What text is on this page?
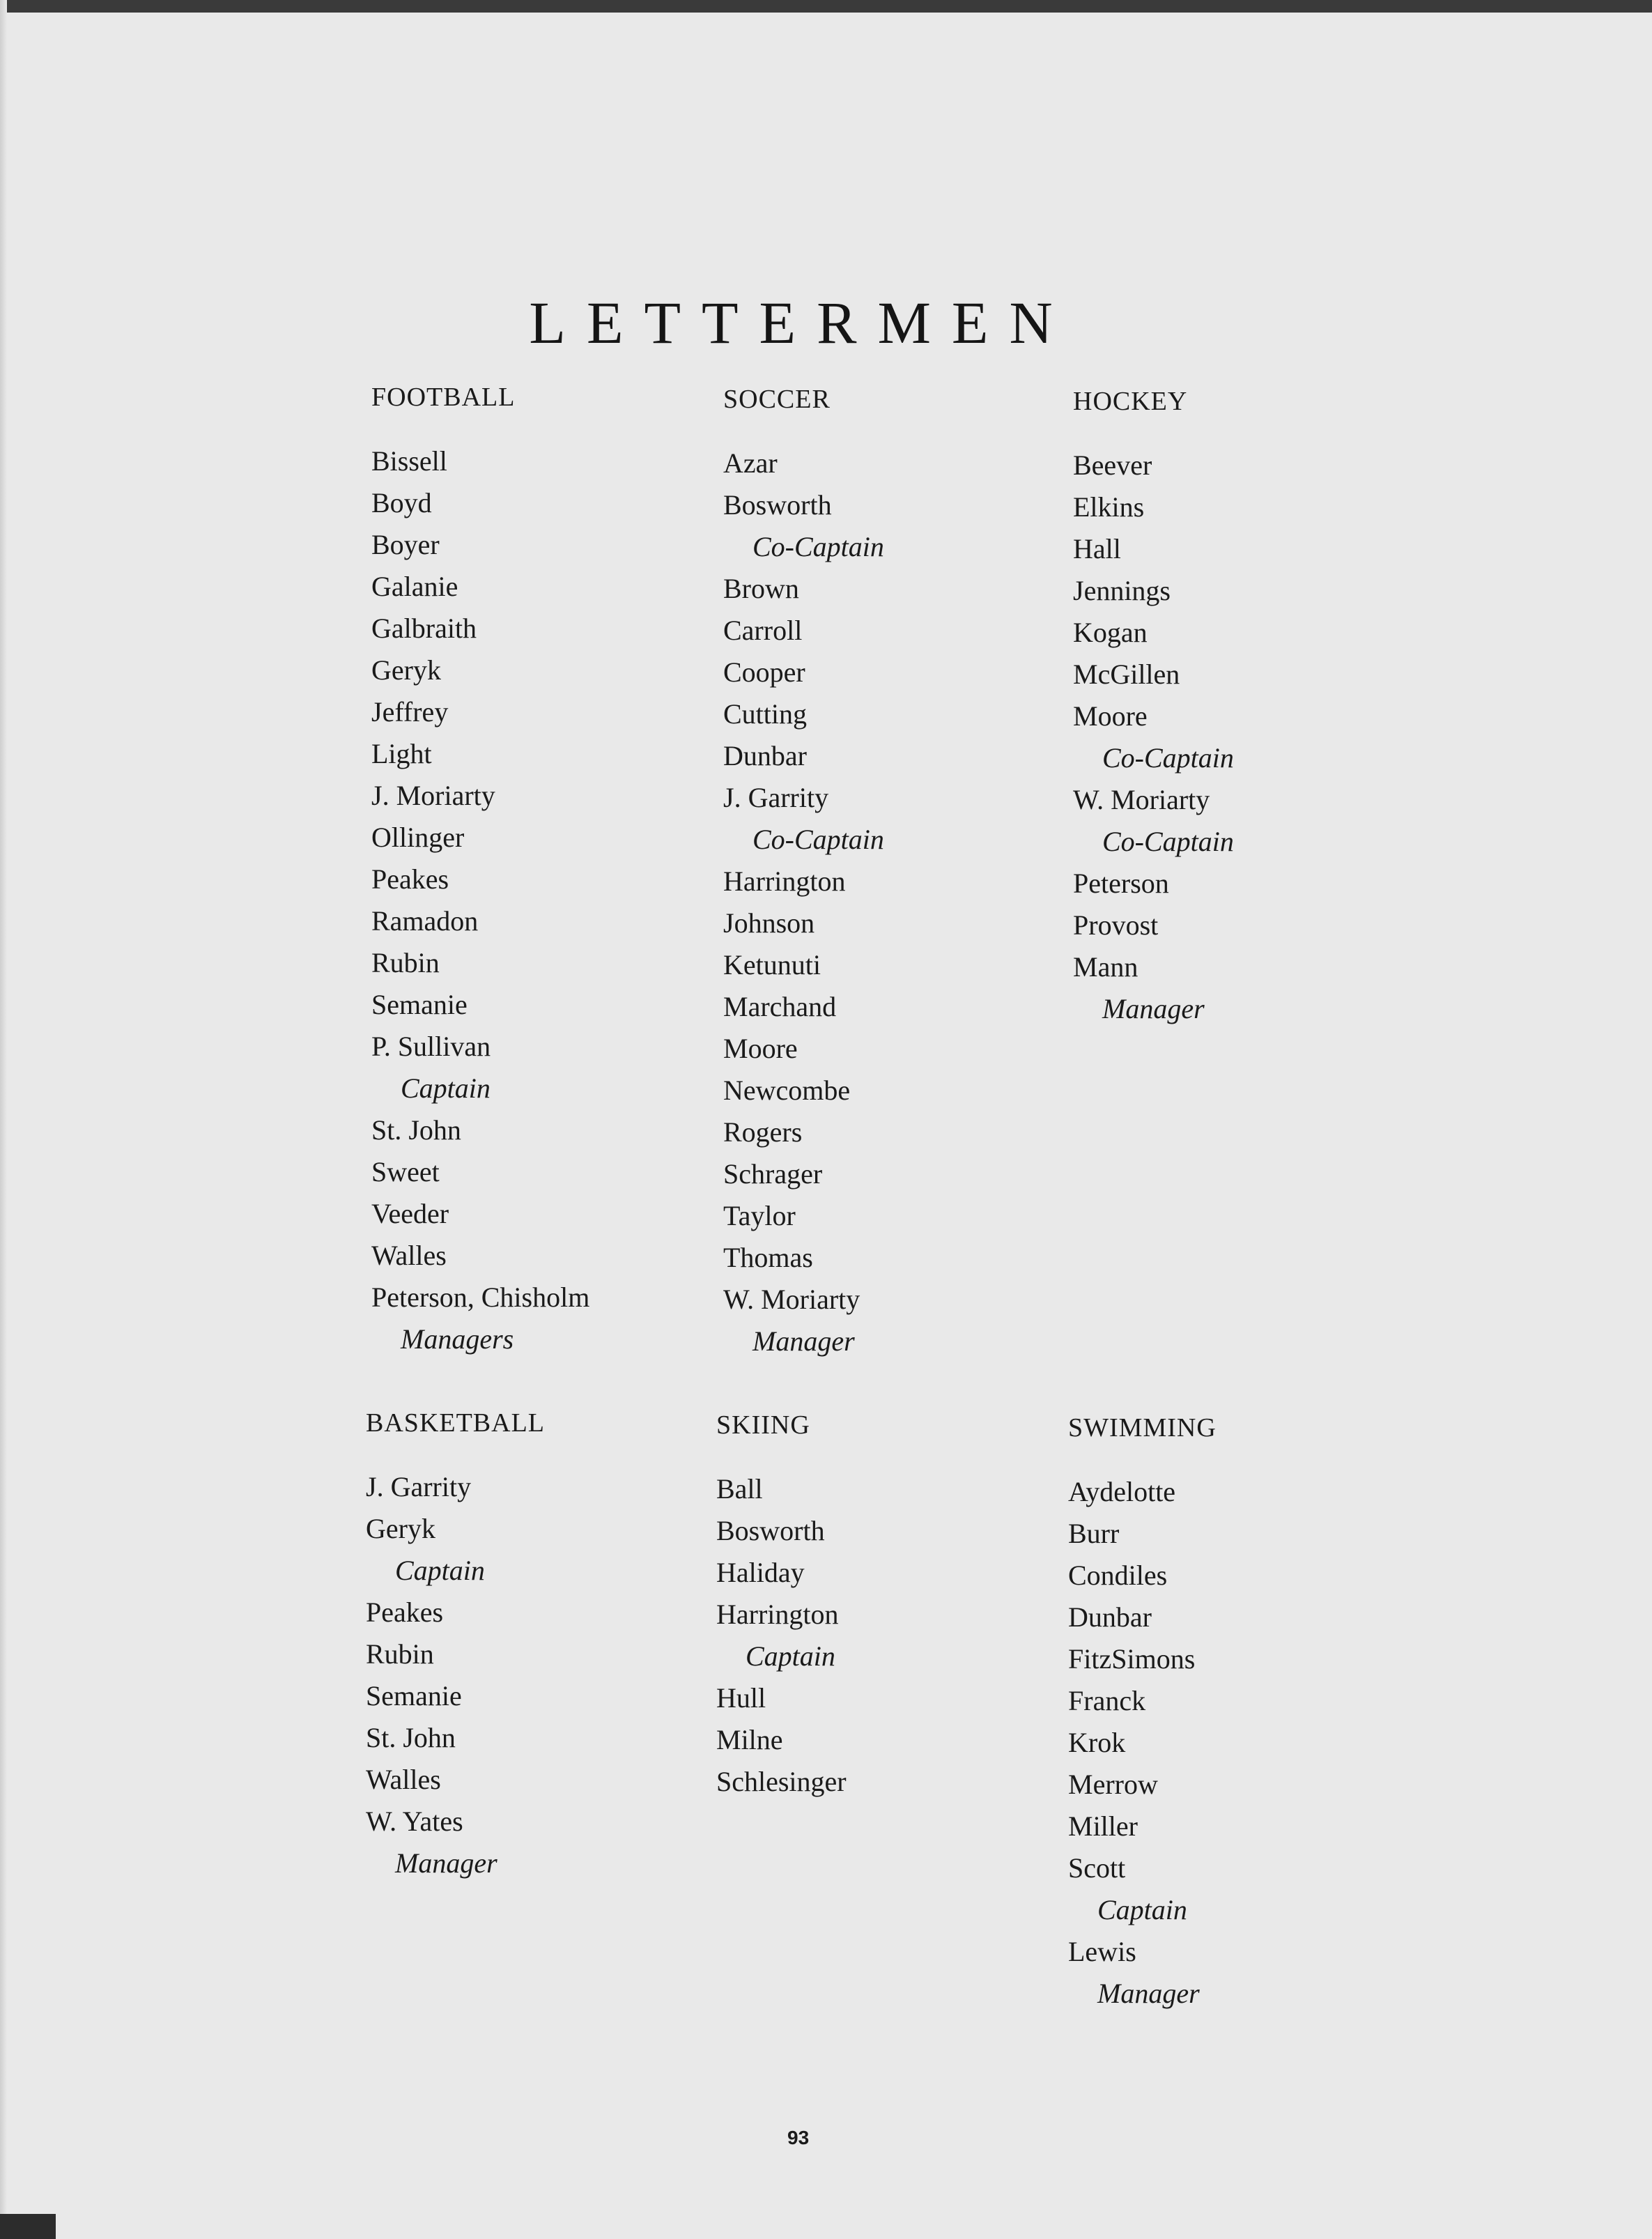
LETTERMEN
FOOTBALL
Bissell
Boyd
Boyer
Galanie
Galbraith
Geryk
Jeffrey
Light
J. Moriarty
Ollinger
Peakes
Ramadon
Rubin
Semanie
P. Sullivan
Captain
St. John
Sweet
Veeder
Walles
Peterson, Chisholm
Managers
SOCCER
Azar
Bosworth
Co-Captain
Brown
Carroll
Cooper
Cutting
Dunbar
J. Garrity
Co-Captain
Harrington
Johnson
Ketunuti
Marchand
Moore
Newcombe
Rogers
Schrager
Taylor
Thomas
W. Moriarty
Manager
HOCKEY
Beever
Elkins
Hall
Jennings
Kogan
McGillen
Moore
Co-Captain
W. Moriarty
Co-Captain
Peterson
Provost
Mann
Manager
BASKETBALL
J. Garrity
Geryk
Captain
Peakes
Rubin
Semanie
St. John
Walles
W. Yates
Manager
SKIING
Ball
Bosworth
Haliday
Harrington
Captain
Hull
Milne
Schlesinger
SWIMMING
Aydelotte
Burr
Condiles
Dunbar
FitzSimons
Franck
Krok
Merrow
Miller
Scott
Captain
Lewis
Manager
93
